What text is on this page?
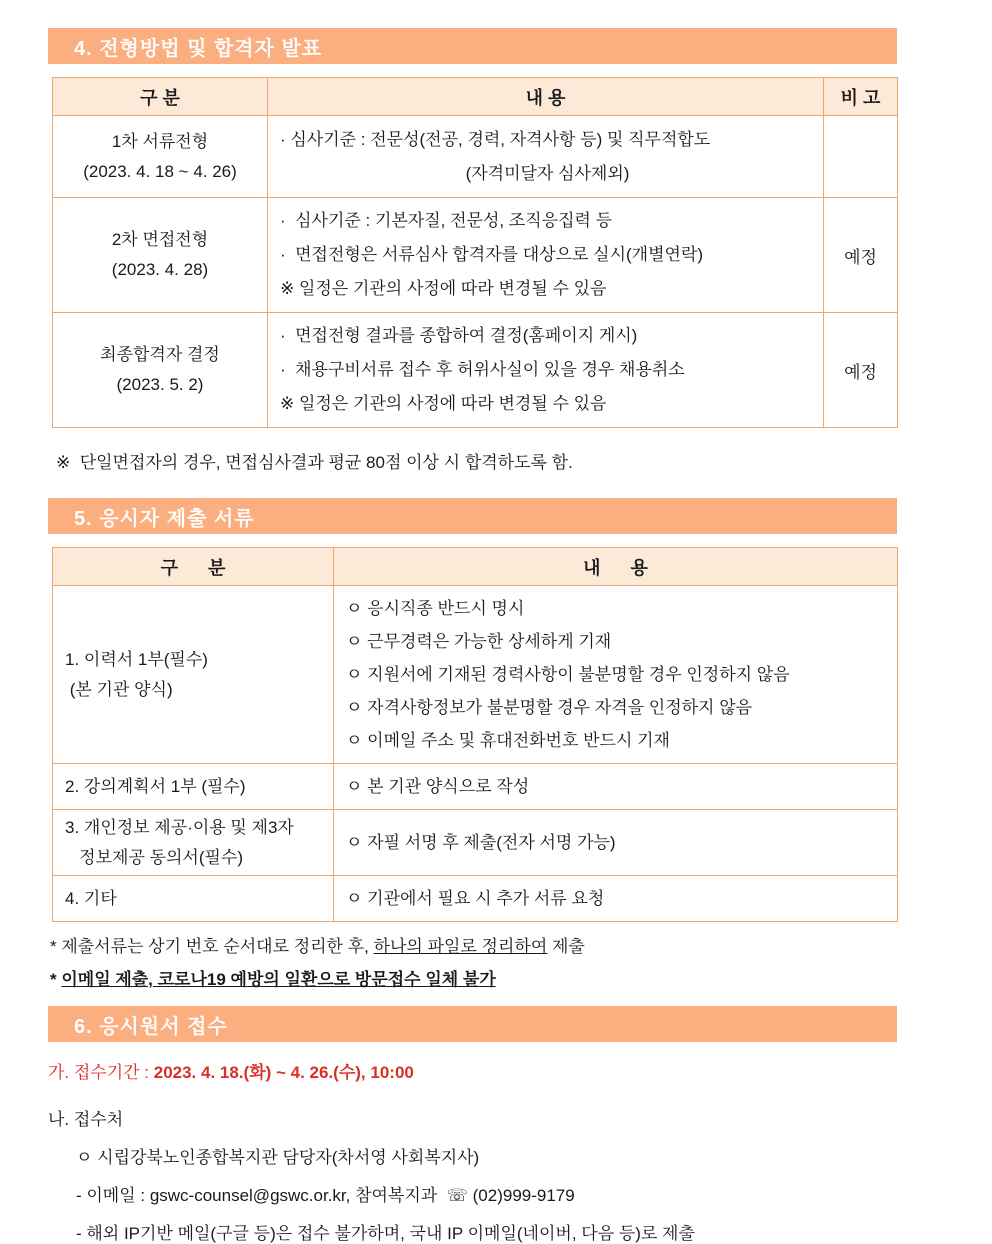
4. 전형방법 및 합격자 발표
구 분	내 용	비 고

1차 서류전형
(2023. 4. 18 ~ 4. 26)

· 심사기준 : 전문성(전공, 경력, 자격사항 등) 및 직무적합도
(자격미달자 심사제외)

2차 면접전형
(2023. 4. 28)

·  심사기준 : 기본자질, 전문성, 조직응집력 등
·  면접전형은 서류심사 합격자를 대상으로 실시(개별연락)
※ 일정은 기관의 사정에 따라 변경될 수 있음
	예정

최종합격자 결정
(2023. 5. 2)

·  면접전형 결과를 종합하여 결정(홈페이지 게시)
·  채용구비서류 접수 후 허위사실이 있을 경우 채용취소
※ 일정은 기관의 사정에 따라 변경될 수 있음
	예정
※  단일면접자의 경우, 면접심사결과 평균 80점 이상 시 합격하도록 함.
5. 응시자 제출 서류
구      분	내      용

1. 이력서 1부(필수)
(본 기관 양식)

ㅇ 응시직종 반드시 명시
ㅇ 근무경력은 가능한 상세하게 기재
ㅇ 지원서에 기재된 경력사항이 불분명할 경우 인정하지 않음
ㅇ 자격사항정보가 불분명할 경우 자격을 인정하지 않음
ㅇ 이메일 주소 및 휴대전화번호 반드시 기재

2. 강의계획서 1부 (필수)	ㅇ 본 기관 양식으로 작성

3. 개인정보 제공·이용 및 제3자
정보제공 동의서(필수)	ㅇ 자필 서명 후 제출(전자 서명 가능)

4. 기타	ㅇ 기관에서 필요 시 추가 서류 요청
* 제출서류는 상기 번호 순서대로 정리한 후, 하나의 파일로 정리하여 제출
* 이메일 제출, 코로나19 예방의 일환으로 방문접수 일체 불가
6. 응시원서 접수
가. 접수기간 : 2023. 4. 18.(화) ~ 4. 26.(수), 10:00
나. 접수처
ㅇ 시립강북노인종합복지관 담당자(차서영 사회복지사)
- 이메일 : gswc-counsel@gswc.or.kr, 참여복지과  ☏ (02)999-9179
- 해외 IP기반 메일(구글 등)은 접수 불가하며, 국내 IP 이메일(네이버, 다음 등)로 제출
